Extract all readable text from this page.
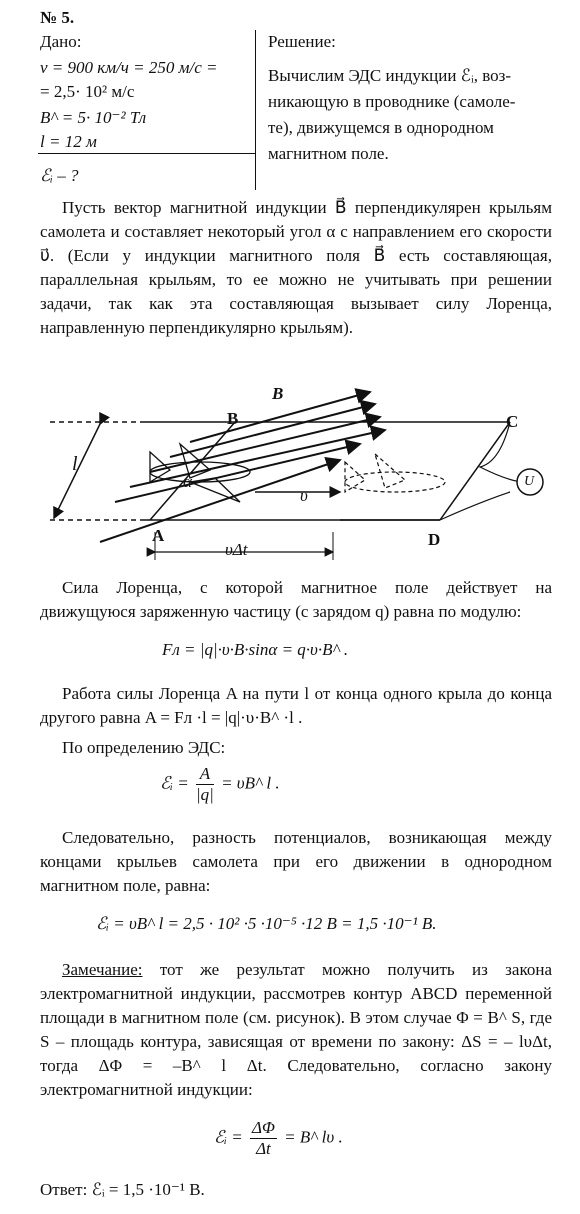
№ 5.
Дано:
ν = 900 км/ч = 250 м/с =
= 2,5· 10² м/с
B^ = 5· 10⁻² Тл
l = 12 м
ℰᵢ – ?
Решение:
Вычислим ЭДС индукции ℰᵢ, воз-
никающую в проводнике (самоле-
те), движущемся в однородном
магнитном поле.
Пусть вектор магнитной индукции B⃗ перпендикулярен крыльям самолета и составляет некоторый угол α с направлением его скорости υ⃗. (Если у индукции магнитного поля B⃗ есть составляющая, параллельная крыльям, то ее можно не учитывать при решении задачи, так как эта составляющая вызывает силу Лоренца, направленную перпендикулярно крыльям).
B⃗
B	C
A	D
l
α
υ⃗
υΔt
U
Сила Лоренца, с которой магнитное поле действует на движущуюся заряженную частицу (с зарядом q) равна по модулю:
Fл = |q|·υ·B·sinα = q·υ·B^ .
Работа силы Лоренца A на пути l от конца одного крыла до конца другого равна A = Fл ·l = |q|·υ·B^ ·l .
По определению ЭДС:
ℰᵢ = $\frac{A}{|q|}$ = υB^ l .
Следовательно, разность потенциалов, возникающая между концами крыльев самолета при его движении в однородном магнитном поле, равна:
ℰᵢ = υB^ l = 2,5 · 10² ·5 ·10⁻⁵ ·12 В = 1,5 ·10⁻¹ В.
Замечание: тот же результат можно получить из закона электромагнитной индукции, рассмотрев контур ABCD переменной площади в магнитном поле (см. рисунок). В этом случае Φ = B^ S, где S – площадь контура, зависящая от времени по закону: ΔS = – lυΔt, тогда ΔΦ = –B^ l Δt. Следовательно, согласно закону электромагнитной индукции:
ℰᵢ = $\frac{\Delta\Phi}{\Delta t}$ = B^ lυ .
Ответ: ℰᵢ = 1,5 ·10⁻¹ В.
